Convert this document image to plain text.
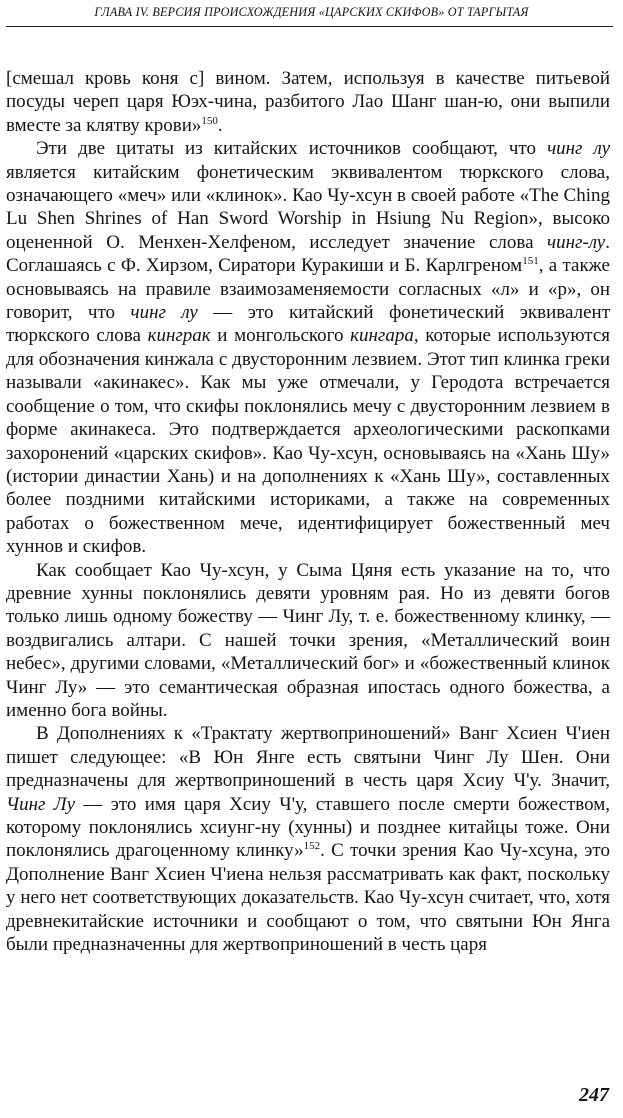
ГЛАВА IV. ВЕРСИЯ ПРОИСХОЖДЕНИЯ «ЦАРСКИХ СКИФОВ» ОТ ТАРГЫТАЯ

[смешал кровь коня с] вином. Затем, используя в качестве питьевой посуды череп царя Юэх-чина, разбитого Лао Шанг шан-ю, они выпили вместе за клятву крови»$^{150}$.

Эти две цитаты из китайских источников сообщают, что чинг лу является китайским фонетическим эквивалентом тюркского слова, означающего «меч» или «клинок». Као Чу-хсун в своей работе «The Ching Lu Shen Shrines of Han Sword Worship in Hsiung Nu Region», высоко оцененной О. Менхен-Хелфеном, исследует значение слова чинг-лу. Соглашаясь с Ф. Хирзом, Сиратори Куракиши и Б. Карлгреном$^{151}$, а также основываясь на правиле взаимозаменяемости согласных «л» и «р», он говорит, что чинг лу — это китайский фонетический эквивалент тюркского слова кинграк и монгольского кингара, которые используются для обозначения кинжала с двусторонним лезвием. Этот тип клинка греки называли «акинакес». Как мы уже отмечали, у Геродота встречается сообщение о том, что скифы поклонялись мечу с двусторонним лезвием в форме акинакеса. Это подтверждается археологическими раскопками захоронений «царских скифов». Као Чу-хсун, основываясь на «Хань Шу» (истории династии Хань) и на дополнениях к «Хань Шу», составленных более поздними китайскими историками, а также на современных работах о божественном мече, идентифицирует божественный меч хуннов и скифов.

Как сообщает Као Чу-хсун, у Сыма Цяня есть указание на то, что древние хунны поклонялись девяти уровням рая. Но из девяти богов только лишь одному божеству — Чинг Лу, т. е. божественному клинку, — воздвигались алтари. С нашей точки зрения, «Металлический воин небес», другими словами, «Металлический бог» и «божественный клинок Чинг Лу» — это семантическая образная ипостась одного божества, а именно бога войны.

В Дополнениях к «Трактату жертвоприношений» Ванг Хсиен Ч'иен пишет следующее: «В Юн Янге есть святыни Чинг Лу Шен. Они предназначены для жертвоприношений в честь царя Хсиу Ч'у. Значит, Чинг Лу — это имя царя Хсиу Ч'у, ставшего после смерти божеством, которому поклонялись хсиунг-ну (хунны) и позднее китайцы тоже. Они поклонялись драгоценному клинку»$^{152}$. С точки зрения Као Чу-хсуна, это Дополнение Ванг Хсиен Ч'иена нельзя рассматривать как факт, поскольку у него нет соответствующих доказательств. Као Чу-хсун считает, что, хотя древнекитайские источники и сообщают о том, что святыни Юн Янга были предназначенны для жертвоприношений в честь царя

247
